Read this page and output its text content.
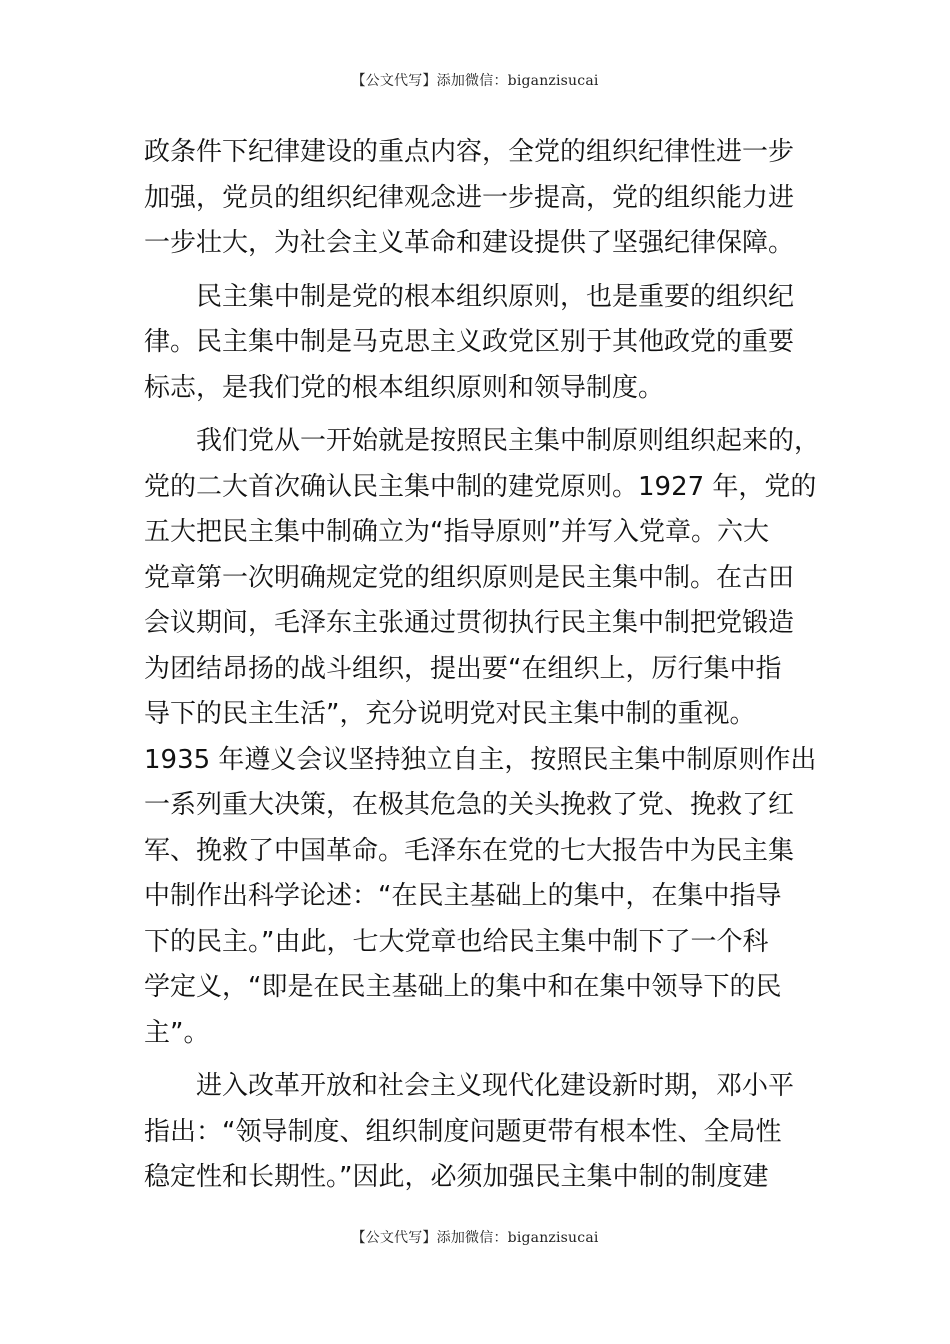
【公文代写】添加微信：biganzisucai

政条件下纪律建设的重点内容，全党的组织纪律性进一步
加强，党员的组织纪律观念进一步提高，党的组织能力进
一步壮大，为社会主义革命和建设提供了坚强纪律保障。

民主集中制是党的根本组织原则，也是重要的组织纪
律。民主集中制是马克思主义政党区别于其他政党的重要
标志，是我们党的根本组织原则和领导制度。

我们党从一开始就是按照民主集中制原则组织起来的，
党的二大首次确认民主集中制的建党原则。1927 年，党的
五大把民主集中制确立为“指导原则”并写入党章。六大
党章第一次明确规定党的组织原则是民主集中制。在古田
会议期间，毛泽东主张通过贯彻执行民主集中制把党锻造
为团结昂扬的战斗组织，提出要“在组织上，厉行集中指
导下的民主生活”，充分说明党对民主集中制的重视。
1935 年遵义会议坚持独立自主，按照民主集中制原则作出
一系列重大决策，在极其危急的关头挽救了党、挽救了红
军、挽救了中国革命。毛泽东在党的七大报告中为民主集
中制作出科学论述：“在民主基础上的集中，在集中指导
下的民主。”由此，七大党章也给民主集中制下了一个科
学定义，“即是在民主基础上的集中和在集中领导下的民
主”。

进入改革开放和社会主义现代化建设新时期，邓小平
指出：“领导制度、组织制度问题更带有根本性、全局性
稳定性和长期性。”因此，必须加强民主集中制的制度建

【公文代写】添加微信：biganzisucai
